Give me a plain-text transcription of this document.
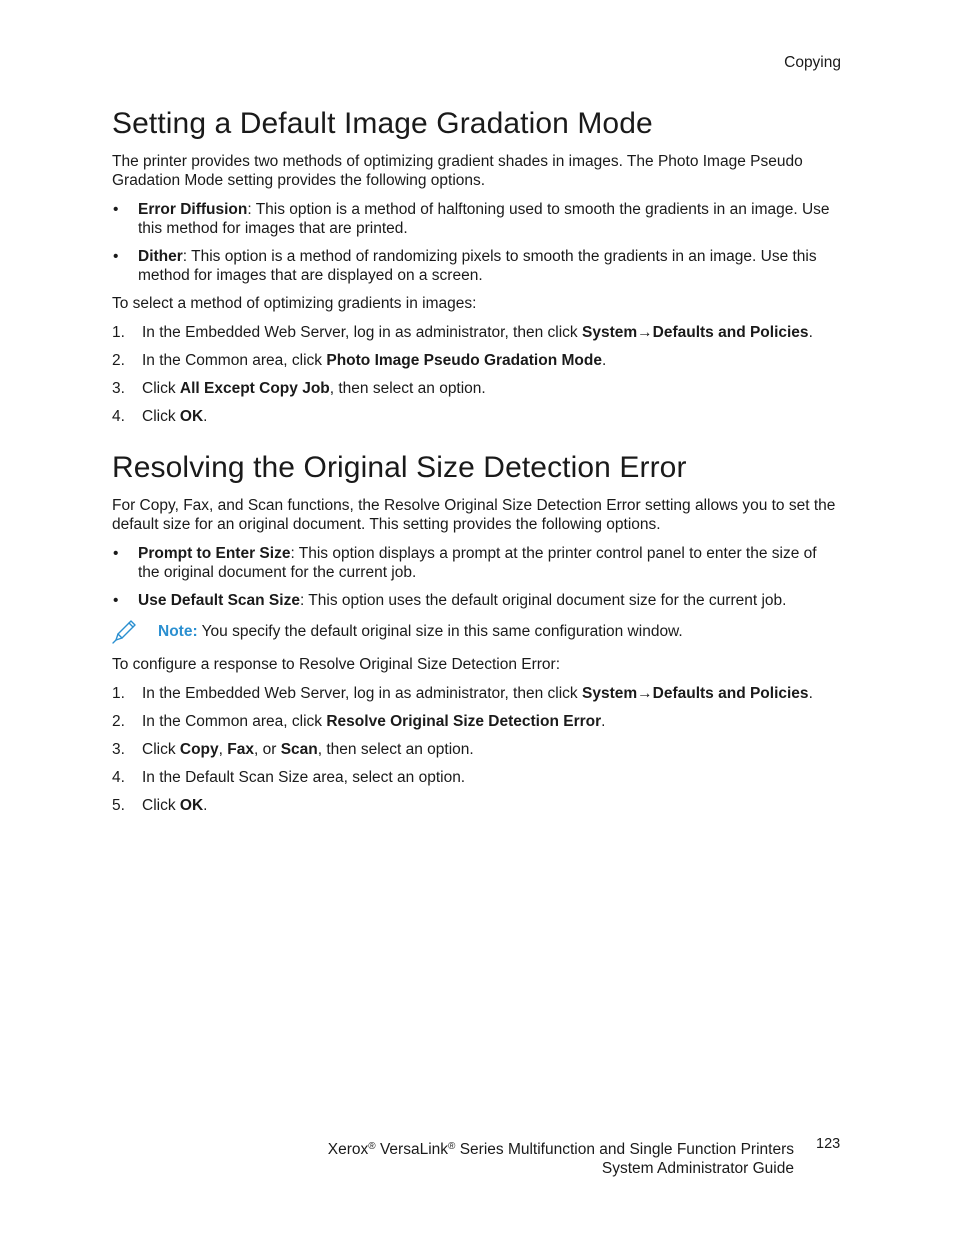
Copying
Setting a Default Image Gradation Mode

The printer provides two methods of optimizing gradient shades in images. The Photo Image Pseudo Gradation Mode setting provides the following options.

• Error Diffusion: This option is a method of halftoning used to smooth the gradients in an image. Use this method for images that are printed.
• Dither: This option is a method of randomizing pixels to smooth the gradients in an image. Use this method for images that are displayed on a screen.

To select a method of optimizing gradients in images:

1. In the Embedded Web Server, log in as administrator, then click System→Defaults and Policies.
2. In the Common area, click Photo Image Pseudo Gradation Mode.
3. Click All Except Copy Job, then select an option.
4. Click OK.
Resolving the Original Size Detection Error

For Copy, Fax, and Scan functions, the Resolve Original Size Detection Error setting allows you to set the default size for an original document. This setting provides the following options.

• Prompt to Enter Size: This option displays a prompt at the printer control panel to enter the size of the original document for the current job.
• Use Default Scan Size: This option uses the default original document size for the current job.
Note: You specify the default original size in this same configuration window.

To configure a response to Resolve Original Size Detection Error:

1. In the Embedded Web Server, log in as administrator, then click System→Defaults and Policies.
2. In the Common area, click Resolve Original Size Detection Error.
3. Click Copy, Fax, or Scan, then select an option.
4. In the Default Scan Size area, select an option.
5. Click OK.
Xerox® VersaLink® Series Multifunction and Single Function Printers
System Administrator Guide
123
